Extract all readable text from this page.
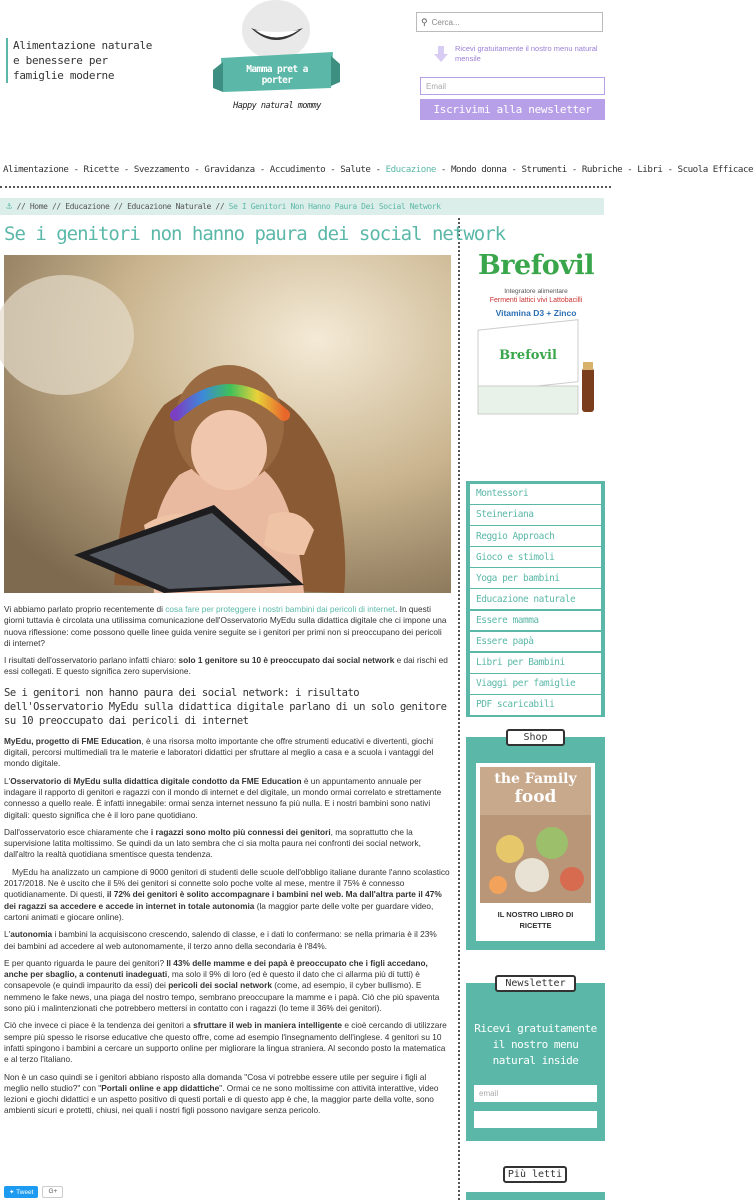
Alimentazione naturale e benessere per famiglie moderne	Mamma pret a porter
Happy natural mommy
⚲ Cerca...
Ricevi gratuitamente il nostro menu natural mensile
Email
Iscrivimi alla newsletter
Alimentazione - Ricette - Svezzamento - Gravidanza - Accudimento - Salute - Educazione - Mondo donna - Strumenti - Rubriche - Libri - Scuola Efficace
⚓ // Home // Educazione // Educazione Naturale // Se I Genitori Non Hanno Paura Dei Social Network
Se i genitori non hanno paura dei social network

Vi abbiamo parlato proprio recentemente di cosa fare per proteggere i nostri bambini dai pericoli di internet. In questi giorni tuttavia è circolata una utilissima comunicazione dell'Osservatorio MyEdu sulla didattica digitale che ci impone una nuova riflessione: come possono quelle linee guida venire seguite se i genitori per primi non si preoccupano dei pericoli di internet?

I risultati dell'osservatorio parlano infatti chiaro: solo 1 genitore su 10 è preoccupato dai social network e dai rischi ed essi collegati. E questo significa zero supervisione.

Se i genitori non hanno paura dei social network: i risultato dell'Osservatorio MyEdu sulla didattica digitale parlano di un solo genitore su 10 preoccupato dai pericoli di internet

MyEdu, progetto di FME Education, è una risorsa molto importante che offre strumenti educativi e divertenti, giochi digitali, percorsi multimediali tra le materie e laboratori didattici per sfruttare al meglio a casa e a scuola i vantaggi del mondo digitale.

L'Osservatorio di MyEdu sulla didattica digitale condotto da FME Education è un appuntamento annuale per indagare il rapporto di genitori e ragazzi con il mondo di internet e del digitale, un mondo ormai correlato e strettamente connesso a quello reale. È infatti innegabile: ormai senza internet nessuno fa più nulla. E i nostri bambini sono nativi digitali: questo significa che è il loro pane quotidiano.

Dall'osservatorio esce chiaramente che i ragazzi sono molto più connessi dei genitori, ma soprattutto che la supervisione latita moltissimo. Se quindi da un lato sembra che ci sia molta paura nei confronti dei social network, dall'altro la realtà quotidiana smentisce questa tendenza.

MyEdu ha analizzato un campione di 9000 genitori di studenti delle scuole dell'obbligo italiane durante l'anno scolastico 2017/2018. Ne è uscito che il 5% dei genitori si connette solo poche volte al mese, mentre il 75% è connesso quotidianamente. Di questi, il 72% dei genitori è solito accompagnare i bambini nel web. Ma dall'altra parte il 47% dei ragazzi sa accedere e accede in internet in totale autonomia (la maggior parte delle volte per guardare video, cartoni animati e giocare online).

L'autonomia i bambini la acquisiscono crescendo, salendo di classe, e i dati lo confermano: se nella primaria è il 23% dei bambini ad accedere al web autonomamente, il terzo anno della secondaria è l'84%.

E per quanto riguarda le paure dei genitori? Il 43% delle mamme e dei papà è preoccupato che i figli accedano, anche per sbaglio, a contenuti inadeguati, ma solo il 9% di loro (ed è questo il dato che ci allarma più di tutti) è consapevole (e quindi impaurito da essi) dei pericoli dei social network (come, ad esempio, il cyber bullismo). E nemmeno le fake news, una piaga del nostro tempo, sembrano preoccupare la mamme e i papà. Ciò che più spaventa sono più i malintenzionati che potrebbero mettersi in contatto con i ragazzi (lo teme il 36% dei genitori).

Ciò che invece ci piace è la tendenza dei genitori a sfruttare il web in maniera intelligente e cioè cercando di utilizzare sempre più spesso le risorse educative che questo offre, come ad esempio l'insegnamento dell'inglese. 4 genitori su 10 infatti spingono i bambini a cercare un supporto online per migliorare la lingua straniera. Al secondo posto la matematica e al terzo l'italiano.

Non è un caso quindi se i genitori abbiano risposto alla domanda "Cosa vi potrebbe essere utile per seguire i figli al meglio nello studio?" con "Portali online e app didattiche". Ormai ce ne sono moltissime con attività interattive, video lezioni e giochi didattici e un aspetto positivo di questi portali e di questo app è che, la maggior parte della volte, sono ambienti sicuri e protetti, chiusi, nei quali i nostri figli possono navigare senza pericolo.

✦ Tweet	G+
Brefovil
Integratore alimentare
Fermenti lattici vivi Lattobacilli
Vitamina D3 + Zinco
Brefovil
Montessori
Steineriana
Reggio Approach
Gioco e stimoli
Yoga per bambini
Educazione naturale
Essere mamma
Essere papà
Libri per Bambini
Viaggi per famiglie
PDF scaricabili
Shop
the Family
food
IL NOSTRO LIBRO DI RICETTE
Newsletter
Ricevi gratuitamente il nostro menu natural inside
email
Più letti
